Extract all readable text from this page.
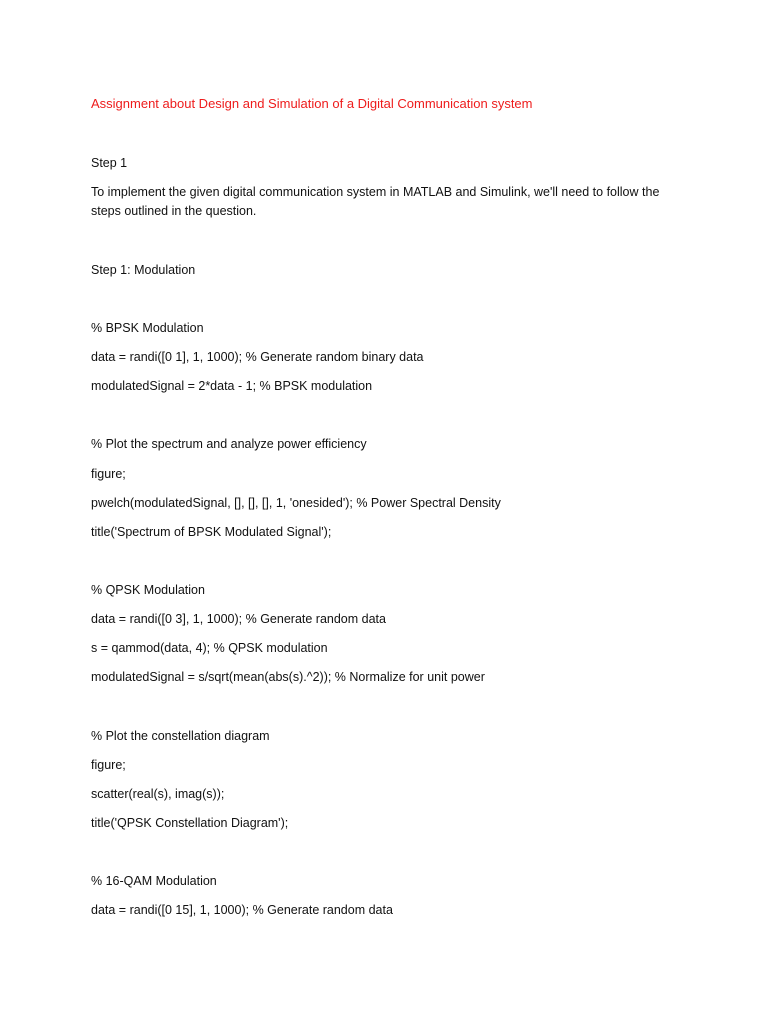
Assignment about Design and Simulation of a Digital Communication system
Step 1
To implement the given digital communication system in MATLAB and Simulink, we'll need to follow the steps outlined in the question.
Step 1: Modulation
% BPSK Modulation
data = randi([0 1], 1, 1000); % Generate random binary data
modulatedSignal = 2*data - 1; % BPSK modulation
% Plot the spectrum and analyze power efficiency
figure;
pwelch(modulatedSignal, [], [], [], 1, 'onesided'); % Power Spectral Density
title('Spectrum of BPSK Modulated Signal');
% QPSK Modulation
data = randi([0 3], 1, 1000); % Generate random data
s = qammod(data, 4); % QPSK modulation
modulatedSignal = s/sqrt(mean(abs(s).^2)); % Normalize for unit power
% Plot the constellation diagram
figure;
scatter(real(s), imag(s));
title('QPSK Constellation Diagram');
% 16-QAM Modulation
data = randi([0 15], 1, 1000); % Generate random data
